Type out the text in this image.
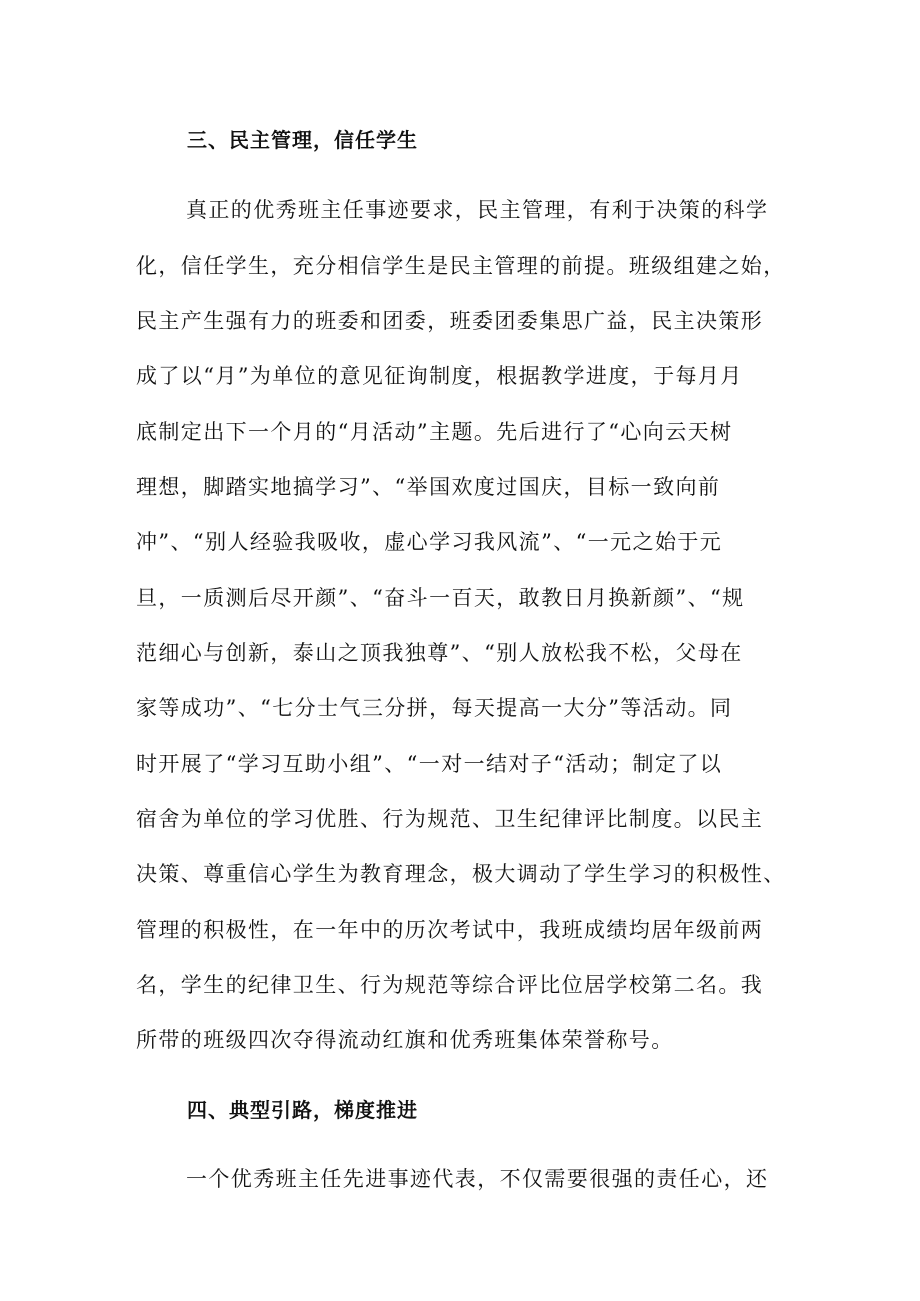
三、民主管理，信任学生
真正的优秀班主任事迹要求，民主管理，有利于决策的科学
化，信任学生，充分相信学生是民主管理的前提。班级组建之始，
民主产生强有力的班委和团委，班委团委集思广益，民主决策形
成了以“月”为单位的意见征询制度，根据教学进度，于每月月
底制定出下一个月的“月活动”主题。先后进行了“心向云天树
理想，脚踏实地搞学习”、“举国欢度过国庆，目标一致向前
冲”、“别人经验我吸收，虚心学习我风流”、“一元之始于元
旦，一质测后尽开颜”、“奋斗一百天，敢教日月换新颜”、“规
范细心与创新，泰山之顶我独尊”、“别人放松我不松，父母在
家等成功”、“七分士气三分拼，每天提高一大分”等活动。同
时开展了“学习互助小组”、“一对一结对子“活动；制定了以
宿舍为单位的学习优胜、行为规范、卫生纪律评比制度。以民主
决策、尊重信心学生为教育理念，极大调动了学生学习的积极性、
管理的积极性，在一年中的历次考试中，我班成绩均居年级前两
名，学生的纪律卫生、行为规范等综合评比位居学校第二名。我
所带的班级四次夺得流动红旗和优秀班集体荣誉称号。
四、典型引路，梯度推进
一个优秀班主任先进事迹代表，不仅需要很强的责任心，还
